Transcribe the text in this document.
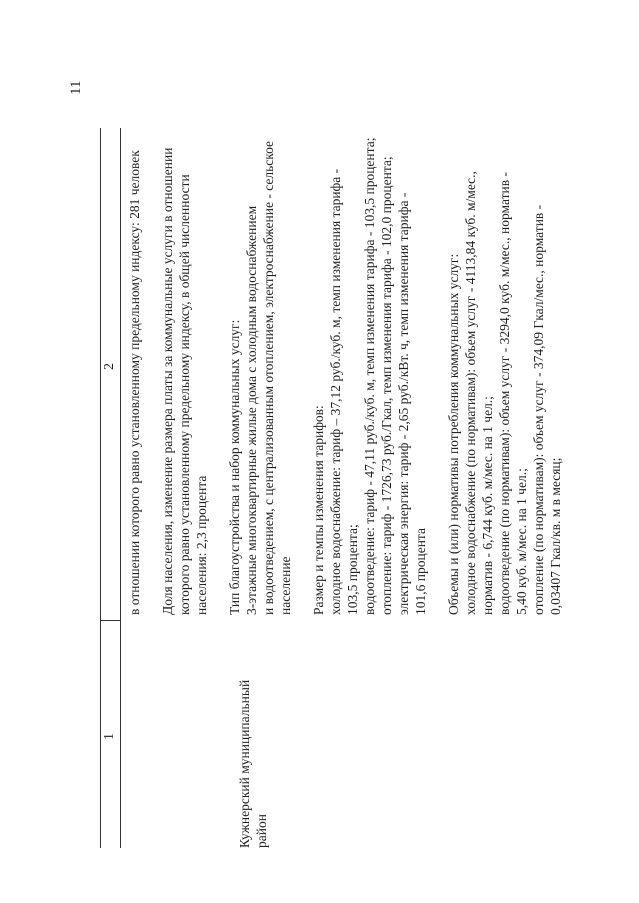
11
1
2
Кужнерский муниципальный район

в отношении которого равно установленному предельному индексу: 281 человек Доля населения, изменение размера платы за коммунальные услуги в отношении которого равно установленному предельному индексу, в общей численности населения: 2,3 процента Тип благоустройства и набор коммунальных услуг: 3-этажные многоквартирные жилые дома с холодным водоснабжением и водоотведением, с централизованным отоплением, электроснабжение - сельское население Размер и темпы изменения тарифов: холодное водоснабжение: тариф – 37,12 руб./куб. м, темп изменения тарифа - 103,5 процента; водоотведение: тариф - 47,11 руб./куб. м, темп изменения тарифа - 103,5 процента; отопление: тариф - 1726,73 руб./Гкал, темп изменения тарифа - 102,0 процента; электрическая энергия: тариф - 2,65 руб./кВт. ч, темп изменения тарифа - 101,6 процента Объемы и (или) нормативы потребления коммунальных услуг: холодное водоснабжение (по нормативам): объем услуг - 4113,84 куб. м/мес., норматив - 6,744 куб. м/мес. на 1 чел.; водоотведение (по нормативам): объем услуг - 3294,0 куб. м/мес., норматив - 5,40 куб. м/мес. на 1 чел.; отопление (по нормативам): объем услуг - 374,09 Гкал/мес., норматив - 0,03407 Гкал/кв. м в месяц;
